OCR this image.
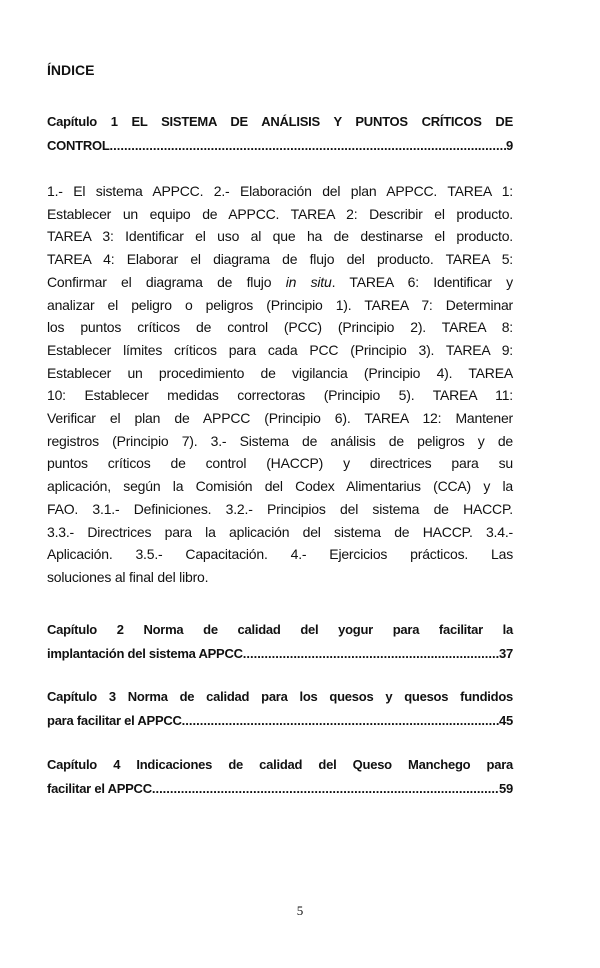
ÍNDICE
Capítulo 1 EL SISTEMA DE ANÁLISIS Y PUNTOS CRÍTICOS DE
CONTROL .....	9
1.- El sistema APPCC. 2.- Elaboración del plan APPCC. TAREA 1:
Establecer un equipo de APPCC. TAREA 2: Describir el producto.
TAREA 3: Identificar el uso al que ha de destinarse el producto.
TAREA 4: Elaborar el diagrama de flujo del producto. TAREA 5:
Confirmar el diagrama de flujo in situ. TAREA 6: Identificar y
analizar el peligro o peligros (Principio 1). TAREA 7: Determinar
los puntos críticos de control (PCC) (Principio 2). TAREA 8:
Establecer límites críticos para cada PCC (Principio 3). TAREA 9:
Establecer un procedimiento de vigilancia (Principio 4). TAREA
10: Establecer medidas correctoras (Principio 5). TAREA 11:
Verificar el plan de APPCC (Principio 6). TAREA 12: Mantener
registros (Principio 7). 3.- Sistema de análisis de peligros y de
puntos críticos de control (HACCP) y directrices para su
aplicación, según la Comisión del Codex Alimentarius (CCA) y la
FAO. 3.1.- Definiciones. 3.2.- Principios del sistema de HACCP.
3.3.- Directrices para la aplicación del sistema de HACCP. 3.4.-
Aplicación. 3.5.- Capacitación. 4.- Ejercicios prácticos. Las
soluciones al final del libro.
Capítulo 2 Norma de calidad del yogur para facilitar la
implantación del sistema APPCC .....	37
Capítulo 3 Norma de calidad para los quesos y quesos fundidos
para facilitar el APPCC .....	45
Capítulo 4 Indicaciones de calidad del Queso Manchego para
facilitar el APPCC .....	59
5
